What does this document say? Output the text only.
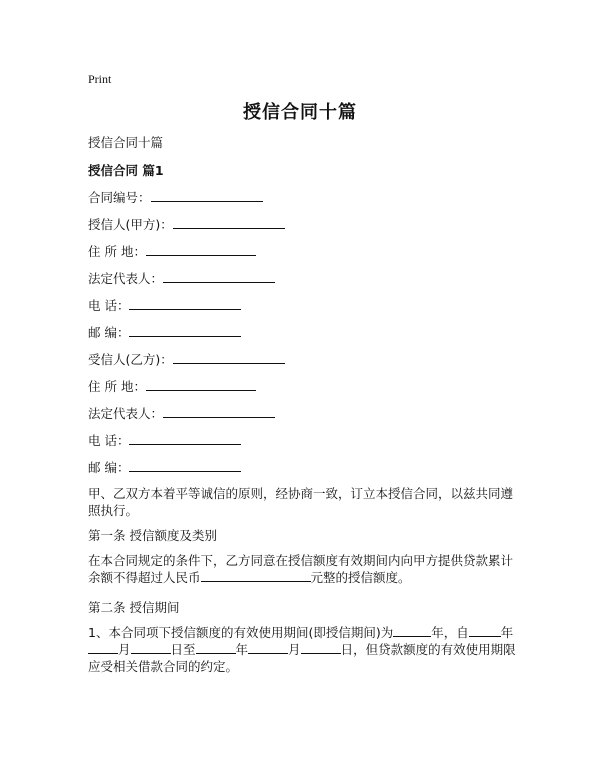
Print
授信合同十篇
授信合同十篇
授信合同 篇1
合同编号：
授信人(甲方)：
住 所 地：
法定代表人：
电 话：
邮 编：
受信人(乙方)：
住 所 地：
法定代表人：
电 话：
邮 编：
甲、乙双方本着平等诚信的原则，经协商一致，订立本授信合同，以兹共同遵照执行。
第一条 授信额度及类别
在本合同规定的条件下，乙方同意在授信额度有效期间内向甲方提供贷款累计余额不得超过人民币	元整的授信额度。
第二条 授信期间
1、本合同项下授信额度的有效使用期间(即授信期间)为	年，自	年
月	日至	年	月	日，但贷款额度的有效使用期限应受相关借款合同的约定。
